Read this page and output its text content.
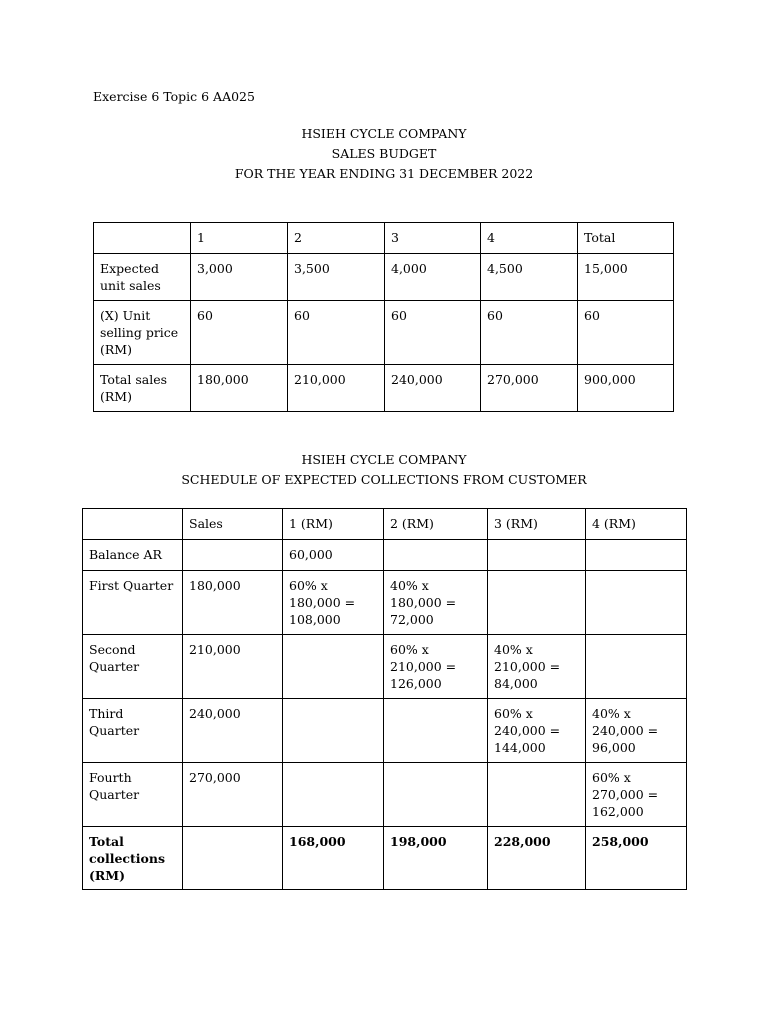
Exercise 6 Topic 6 AA025
HSIEH CYCLE COMPANY
SALES BUDGET
FOR THE YEAR ENDING 31 DECEMBER 2022
	1	2	3	4	Total
Expected unit sales	3,000	3,500	4,000	4,500	15,000
(X) Unit selling price (RM)	60	60	60	60	60
Total sales (RM)	180,000	210,000	240,000	270,000	900,000
HSIEH CYCLE COMPANY
SCHEDULE OF EXPECTED COLLECTIONS FROM CUSTOMER
	Sales	1 (RM)	2 (RM)	3 (RM)	4 (RM)
Balance AR		60,000			
First Quarter	180,000	60% x 180,000 = 108,000	40% x 180,000 = 72,000		
Second Quarter	210,000		60% x 210,000 = 126,000	40% x 210,000 = 84,000	
Third Quarter	240,000			60% x 240,000 = 144,000	40% x 240,000 = 96,000
Fourth Quarter	270,000				60% x 270,000 = 162,000
Total collections (RM)		168,000	198,000	228,000	258,000
